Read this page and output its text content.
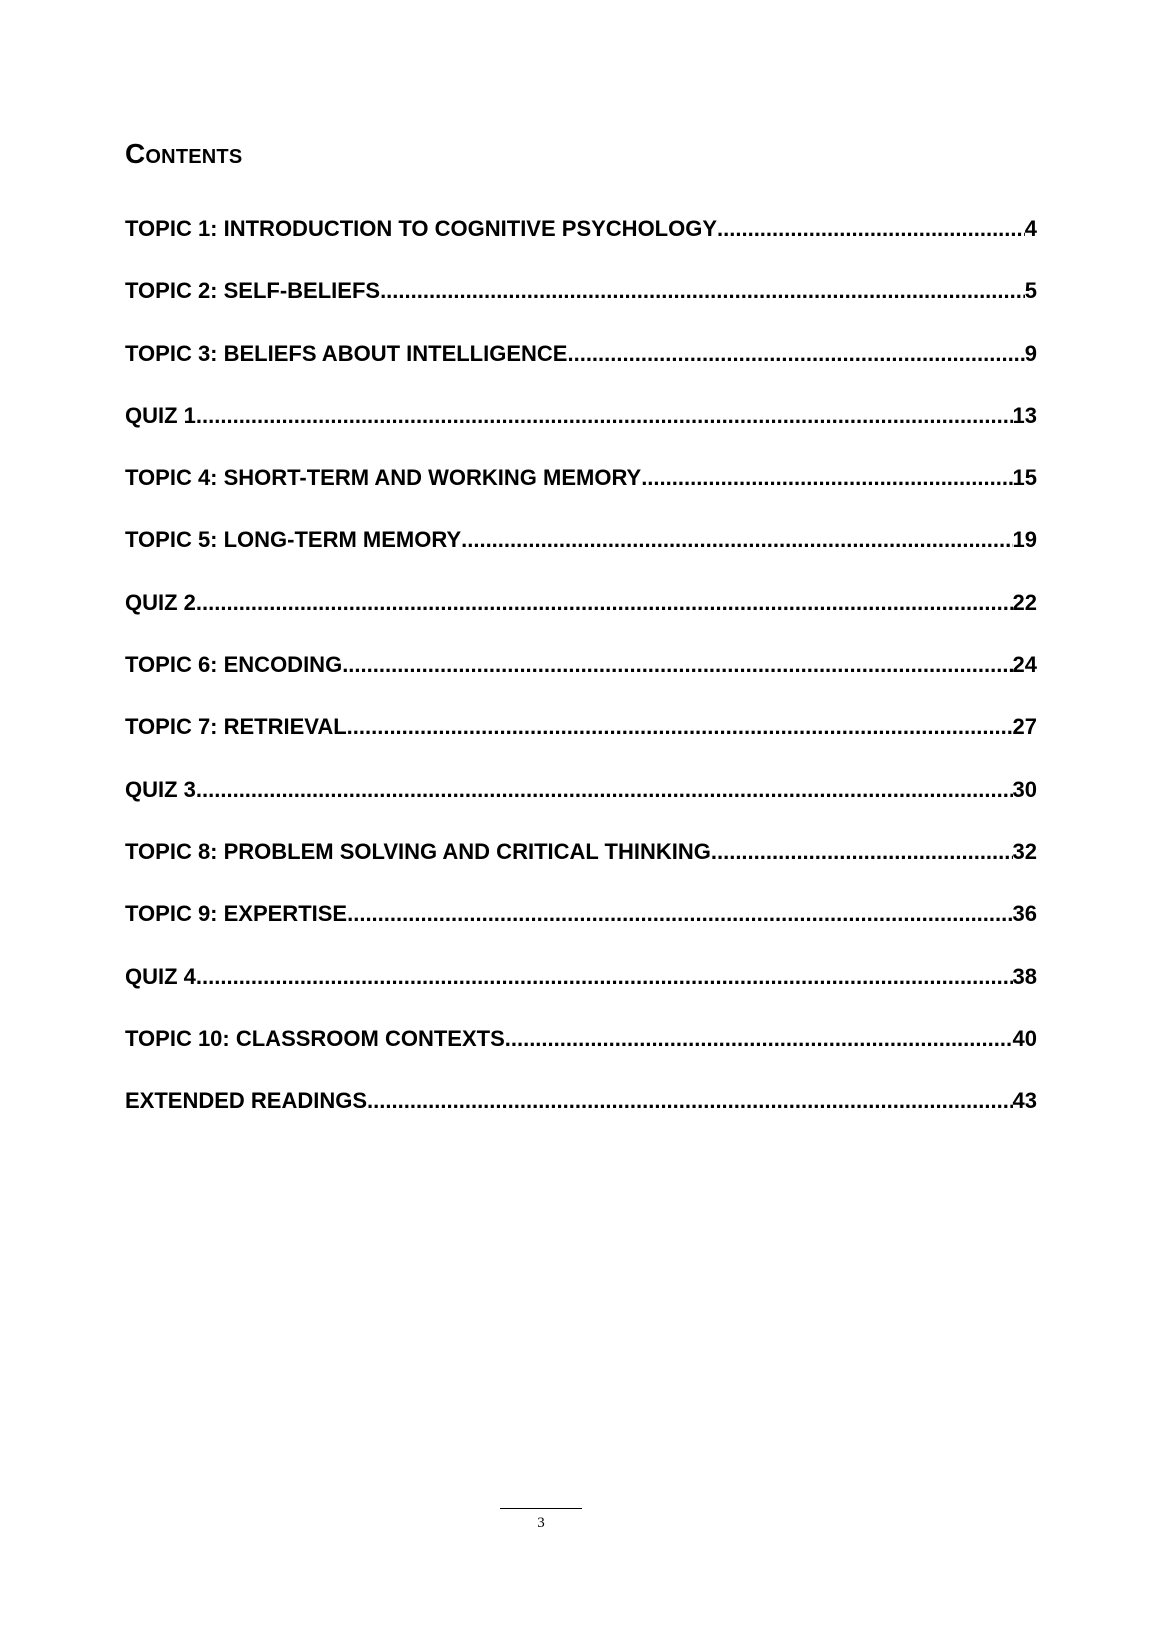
Contents
TOPIC 1: INTRODUCTION TO COGNITIVE PSYCHOLOGY .....	4
TOPIC 2: SELF-BELIEFS .....	5
TOPIC 3: BELIEFS ABOUT INTELLIGENCE .....	9
QUIZ 1 .....	13
TOPIC 4: SHORT-TERM AND WORKING MEMORY .....	15
TOPIC 5: LONG-TERM MEMORY .....	19
QUIZ 2 .....	22
TOPIC 6: ENCODING .....	24
TOPIC 7: RETRIEVAL .....	27
QUIZ 3 .....	30
TOPIC 8: PROBLEM SOLVING AND CRITICAL THINKING .....	32
TOPIC 9: EXPERTISE .....	36
QUIZ 4 .....	38
TOPIC 10: CLASSROOM CONTEXTS .....	40
EXTENDED READINGS .....	43
3
